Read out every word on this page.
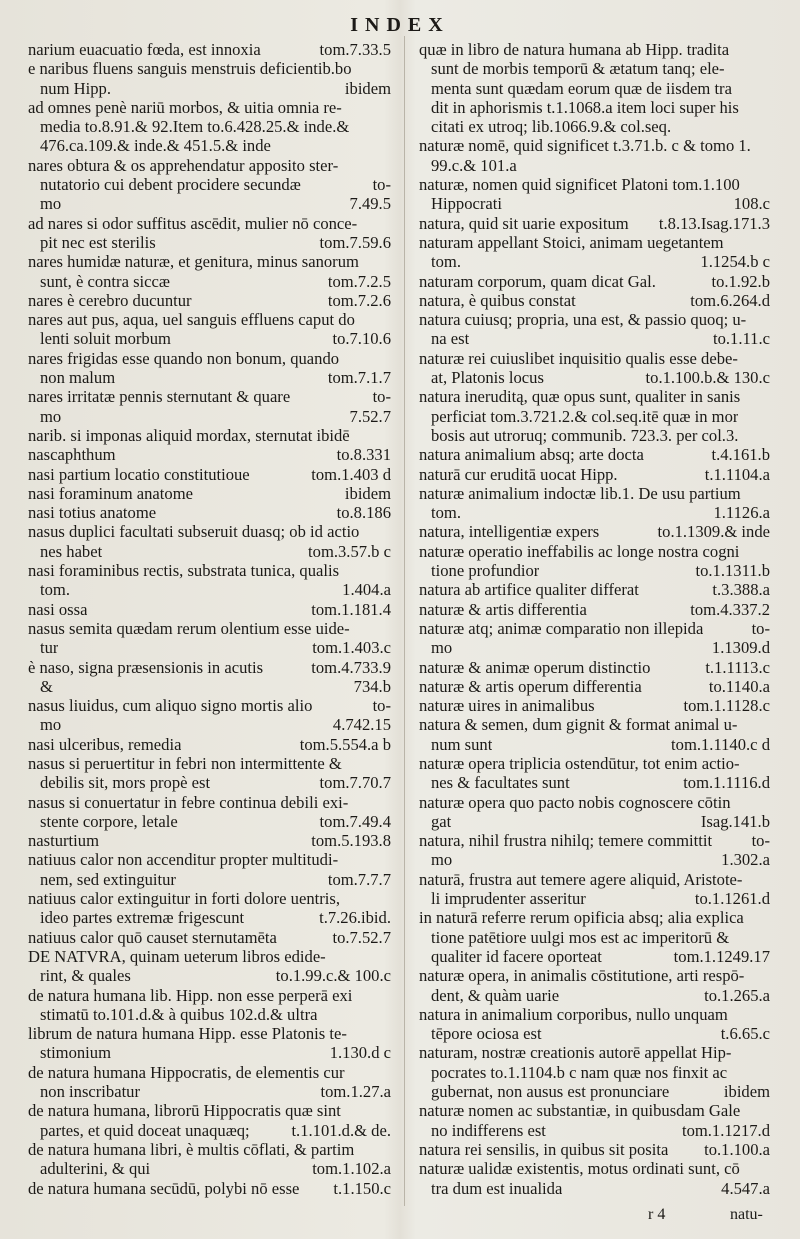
INDEX
narium euacuatio fœda, est innoxia	tom.7.33.5
e naribus fluens sanguis menstruis deficientib.bo
num Hipp.	ibidem
ad omnes penè nariū morbos, & uitia omnia re-
media to.8.91.& 92.Item to.6.428.25.& inde.&
476.ca.109.& inde.& 451.5.& inde
nares obtura & os apprehendatur apposito ster-
nutatorio cui debent procidere secundæ	to-
mo	7.49.5
ad nares si odor suffitus ascēdit, mulier nō conce-
pit nec est sterilis	tom.7.59.6
nares humidæ naturæ, et genitura, minus sanorum
sunt, è contra siccæ	tom.7.2.5
nares è cerebro ducuntur	tom.7.2.6
nares aut pus, aqua, uel sanguis effluens caput do
lenti soluit morbum	to.7.10.6
nares frigidas esse quando non bonum, quando
non malum	tom.7.1.7
nares irritatæ pennis sternutant & quare	to-
mo	7.52.7
narib. si imponas aliquid mordax, sternutat ibidē
nascaphthum	to.8.331
nasi partium locatio constitutioue	tom.1.403 d
nasi foraminum anatome	ibidem
nasi totius anatome	to.8.186
nasus duplici facultati subseruit duasq; ob id actio
nes habet	tom.3.57.b c
nasi foraminibus rectis, substrata tunica, qualis
tom.	1.404.a
nasi ossa	tom.1.181.4
nasus semita quædam rerum olentium esse uide-
tur	tom.1.403.c
è naso, signa præsensionis in acutis	tom.4.733.9
&	734.b
nasus liuidus, cum aliquo signo mortis alio	to-
mo	4.742.15
nasi ulceribus, remedia	tom.5.554.a b
nasus si peruertitur in febri non intermittente &
debilis sit, mors propè est	tom.7.70.7
nasus si conuertatur in febre continua debili exi-
stente corpore, letale	tom.7.49.4
nasturtium	tom.5.193.8
natiuus calor non accenditur propter multitudi-
nem, sed extinguitur	tom.7.7.7
natiuus calor extinguitur in forti dolore uentris,
ideo partes extremæ frigescunt	t.7.26.ibid.
natiuus calor quō causet sternutamēta	to.7.52.7
DE NATVRA, quinam ueterum libros edide-
rint, & quales	to.1.99.c.& 100.c
de natura humana lib. Hipp. non esse perperā exi
stimatū to.101.d.& à quibus 102.d.& ultra
librum de natura humana Hipp. esse Platonis te-
stimonium	1.130.d c
de natura humana Hippocratis, de elementis cur
non inscribatur	tom.1.27.a
de natura humana, librorū Hippocratis quæ sint
partes, et quid doceat unaquæq;	t.1.101.d.& de.
de natura humana libri, è multis cōflati, & partim
adulterini, & qui	tom.1.102.a
de natura humana secūdū, polybi nō esse	t.1.150.c
quæ in libro de natura humana ab Hipp. tradita
sunt de morbis temporū & ætatum tanq; ele-
menta sunt quædam eorum quæ de iisdem tra
dit in aphorismis t.1.1068.a item loci super his
citati ex utroq; lib.1066.9.& col.seq.
naturæ nomē, quid significet t.3.71.b. c & tomo 1.
99.c.& 101.a
naturæ, nomen quid significet Platoni tom.1.100
Hippocrati	108.c
natura, quid sit uarie expositum	t.8.13.Isag.171.3
naturam appellant Stoici, animam uegetantem
tom.	1.1254.b c
naturam corporum, quam dicat Gal.	to.1.92.b
natura, è quibus constat	tom.6.264.d
natura cuiusq; propria, una est, & passio quoq; u-
na est	to.1.11.c
naturæ rei cuiuslibet inquisitio qualis esse debe-
at, Platonis locus	to.1.100.b.& 130.c
natura ineruditą, quæ opus sunt, qualiter in sanis
perficiat tom.3.721.2.& col.seq.itē quæ in mor
bosis aut utroruq; communib. 723.3. per col.3.
natura animalium absq; arte docta	t.4.161.b
naturā cur eruditā uocat Hipp.	t.1.1104.a
naturæ animalium indoctæ lib.1. De usu partium
tom.	1.1126.a
natura, intelligentiæ expers	to.1.1309.& inde
naturæ operatio ineffabilis ac longe nostra cogni
tione profundior	to.1.1311.b
natura ab artifice qualiter differat	t.3.388.a
naturæ & artis differentia	tom.4.337.2
naturæ atq; animæ comparatio non illepida	to-
mo	1.1309.d
naturæ & animæ operum distinctio	t.1.1113.c
naturæ & artis operum differentia	to.1140.a
naturæ uires in animalibus	tom.1.1128.c
natura & semen, dum gignit & format animal u-
num sunt	tom.1.1140.c d
naturæ opera triplicia ostendūtur, tot enim actio-
nes & facultates sunt	tom.1.1116.d
naturæ opera quo pacto nobis cognoscere cōtin
gat	Isag.141.b
natura, nihil frustra nihilq; temere committit	to-
mo	1.302.a
naturā, frustra aut temere agere aliquid, Aristote-
li imprudenter asseritur	to.1.1261.d
in naturā referre rerum opificia absq; alia explica
tione patētiore uulgi mos est ac imperitorū &
qualiter id facere oporteat	tom.1.1249.17
naturæ opera, in animalis cōstitutione, arti respō-
dent, & quàm uarie	to.1.265.a
natura in animalium corporibus, nullo unquam
tēpore ociosa est	t.6.65.c
naturam, nostræ creationis autorē appellat Hip-
pocrates to.1.1104.b c nam quæ nos finxit ac
gubernat, non ausus est pronunciare	ibidem
naturæ nomen ac substantiæ, in quibusdam Gale
no indifferens est	tom.1.1217.d
natura rei sensilis, in quibus sit posita	to.1.100.a
naturæ ualidæ existentis, motus ordinati sunt, cō
tra dum est inualida	4.547.a
r 4	natu-
